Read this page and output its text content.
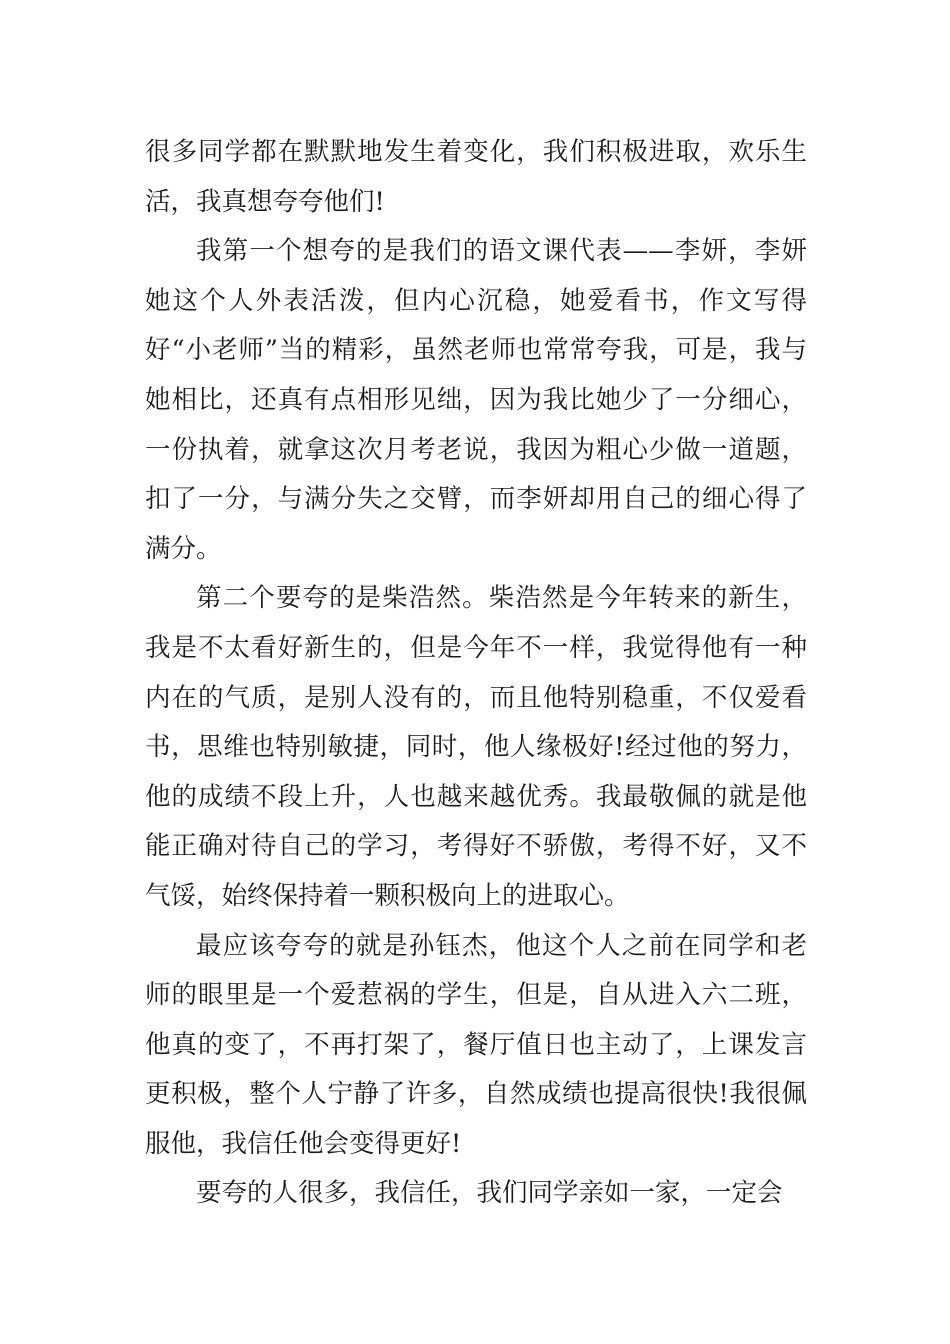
很多同学都在默默地发生着变化，我们积极进取，欢乐生活，我真想夸夸他们!

我第一个想夸的是我们的语文课代表——李妍，李妍她这个人外表活泼，但内心沉稳，她爱看书，作文写得好“小老师”当的精彩，虽然老师也常常夸我，可是，我与她相比，还真有点相形见绌，因为我比她少了一分细心，一份执着，就拿这次月考老说，我因为粗心少做一道题，扣了一分，与满分失之交臂，而李妍却用自己的细心得了满分。

第二个要夸的是柴浩然。柴浩然是今年转来的新生，我是不太看好新生的，但是今年不一样，我觉得他有一种内在的气质，是别人没有的，而且他特别稳重，不仅爱看书，思维也特别敏捷，同时，他人缘极好!经过他的努力，他的成绩不段上升，人也越来越优秀。我最敬佩的就是他能正确对待自己的学习，考得好不骄傲，考得不好，又不气馁，始终保持着一颗积极向上的进取心。

最应该夸夸的就是孙钰杰，他这个人之前在同学和老师的眼里是一个爱惹祸的学生，但是，自从进入六二班，他真的变了，不再打架了，餐厅值日也主动了，上课发言更积极，整个人宁静了许多，自然成绩也提高很快!我很佩服他，我信任他会变得更好!

要夸的人很多，我信任，我们同学亲如一家，一定会
